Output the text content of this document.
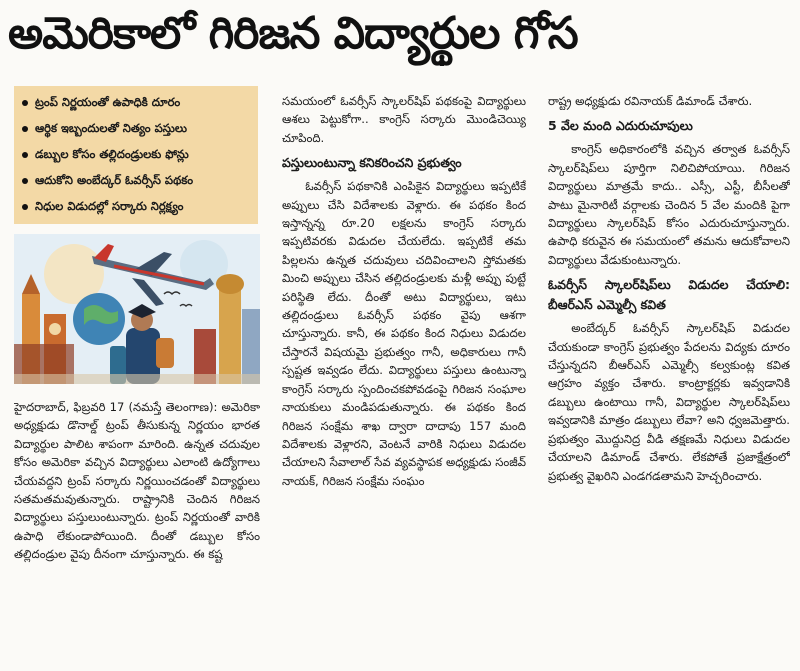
అమెరికాలో గిరిజన విద్యార్థుల గోస
ట్రంప్ నిర్ణయంతో ఉపాధికి దూరం
ఆర్థిక ఇబ్బందులతో నిత్యం పస్తులు
డబ్బుల కోసం తల్లిదండ్రులకు ఫోన్లు
ఆదుకోని అంబేద్కర్ ఓవర్సీస్ పథకం
నిధుల విడుదల్లో సర్కారు నిర్లక్ష్యం

హైదరాబాద్, ఫిబ్రవరి 17 (నమస్తే తెలంగాణ): అమెరికా అధ్యక్షుడు డొనాల్డ్ ట్రంప్ తీసుకున్న నిర్ణయం భారత విద్యార్థుల పాలిట శాపంగా మారింది. ఉన్నత చదువుల కోసం అమెరికా వచ్చిన విద్యార్థులు ఎలాంటి ఉద్యోగాలు చేయవద్దని ట్రంప్ సర్కారు నిర్ణయించడంతో విద్యార్థులు సతమతమవుతున్నారు. రాష్ట్రానికి చెందిన గిరిజన విద్యార్థులు పస్తులుంటున్నారు. ట్రంప్ నిర్ణయంతో వారికి ఉపాధి లేకుండాపోయింది. దీంతో డబ్బుల కోసం తల్లిదండ్రుల వైపు దీనంగా చూస్తున్నారు. ఈ కష్ట

సమయంలో ఓవర్సీస్ స్కాలర్‌షిప్ పథకంపై విద్యార్థులు ఆశలు పెట్టుకోగా.. కాంగ్రెస్ సర్కారు మొండిచెయ్యి చూపింది.

పస్తులుంటున్నా కనికరించని ప్రభుత్వం

ఓవర్సీస్ పథకానికి ఎంపికైన విద్యార్థులు ఇప్పటికే అప్పులు చేసి విదేశాలకు వెళ్లారు. ఈ పథకం కింద ఇస్తాన్నన్న రూ.20 లక్షలను కాంగ్రెస్ సర్కారు ఇప్పటివరకు విడుదల చేయలేదు. ఇప్పటికే తమ పిల్లలను ఉన్నత చదువులు చదివించాలని స్తోమతకు మించి అప్పులు చేసిన తల్లిదండ్రులకు మళ్లీ అప్పు పుట్టే పరిస్థితి లేదు. దీంతో అటు విద్యార్థులు, ఇటు తల్లిదండ్రులు ఓవర్సీస్ పథకం వైపు ఆశగా చూస్తున్నారు. కానీ, ఈ పథకం కింద నిధులు విడుదల చేస్తారనే విషయమై ప్రభుత్వం గానీ, అధికారులు గానీ స్పష్టత ఇవ్వడం లేదు. విద్యార్థులు పస్తులు ఉంటున్నా కాంగ్రెస్ సర్కారు స్పందించకపోవడంపై గిరిజన సంఘాల నాయకులు మండిపడుతున్నారు. ఈ పథకం కింద గిరిజన సంక్షేమ శాఖ ద్వారా దాదాపు 157 మంది విదేశాలకు వెళ్లారని, వెంటనే వారికి నిధులు విడుదల చేయాలని సేవాలాల్ సేవ వ్యవస్థాపక అధ్యక్షుడు సంజీవ్ నాయక్, గిరిజన సంక్షేమ సంఘం

రాష్ట్ర అధ్యక్షుడు రవినాయక్ డిమాండ్ చేశారు.

5 వేల మంది ఎదురుచూపులు

కాంగ్రెస్ అధికారంలోకి వచ్చిన తర్వాత ఓవర్సీస్ స్కాలర్‌షిప్‌లు పూర్తిగా నిలిచిపోయాయి. గిరిజన విద్యార్థులు మాత్రమే కాదు.. ఎస్సీ, ఎస్టీ, బీసీలతో పాటు మైనారిటీ వర్గాలకు చెందిన 5 వేల మందికి పైగా విద్యార్థులు స్కాలర్‌షిప్ కోసం ఎదురుచూస్తున్నారు. ఉపాధి కరువైన ఈ సమయంలో తమను ఆదుకోవాలని విద్యార్థులు వేడుకుంటున్నారు.

ఓవర్సీస్ స్కాలర్‌షిప్‌లు విడుదల చేయాలి: బీఆర్‌ఎస్ ఎమ్మెల్సీ కవిత

అంబేద్కర్ ఓవర్సీస్ స్కాలర్‌షిప్ విడుదల చేయకుండా కాంగ్రెస్ ప్రభుత్వం పేదలను విద్యకు దూరం చేస్తున్నదని బీఆర్‌ఎస్ ఎమ్మెల్సీ కల్వకుంట్ల కవిత ఆగ్రహం వ్యక్తం చేశారు. కాంట్రాక్టర్లకు ఇవ్వడానికి డబ్బులు ఉంటాయి గానీ, విద్యార్థుల స్కాలర్‌షిప్‌లు ఇవ్వడానికి మాత్రం డబ్బులు లేవా? అని ధ్వజమెత్తారు. ప్రభుత్వం మొద్దునిద్ర వీడి తక్షణమే నిధులు విడుదల చేయాలని డిమాండ్ చేశారు. లేకపోతే ప్రజాక్షేత్రంలో ప్రభుత్వ వైఖరిని ఎండగడతామని హెచ్చరించారు.
